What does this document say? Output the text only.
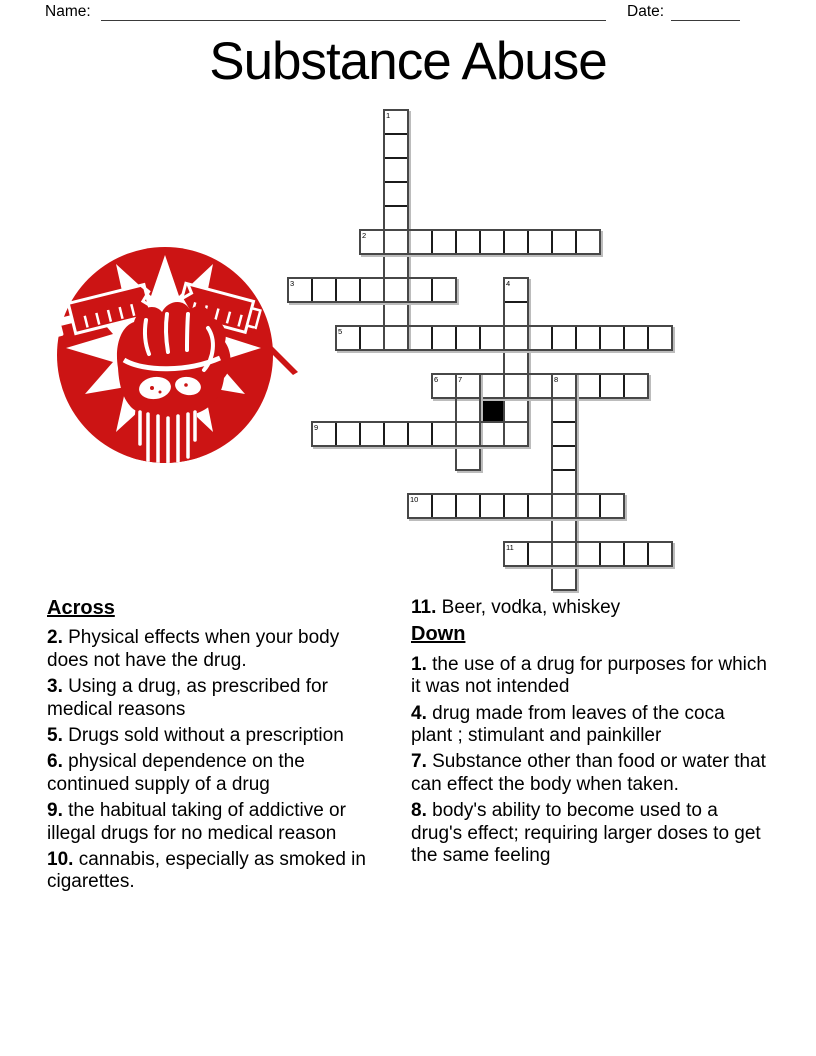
Name:	Date:
Substance Abuse
1
2
3	4
5
6	7	8
9
10
11
Across

2. Physical effects when your body does not have the drug.

3. Using a drug, as prescribed for medical reasons

5. Drugs sold without a prescription

6. physical dependence on the continued supply of a drug

9. the habitual taking of addictive or illegal drugs for no medical reason

10. cannabis, especially as smoked in cigarettes.

11. Beer, vodka, whiskey

Down

1. the use of a drug for purposes for which it was not intended

4. drug made from leaves of the coca plant ; stimulant and painkiller

7. Substance other than food or water that can effect the body when taken.

8. body's ability to become used to a drug's effect; requiring larger doses to get the same feeling
